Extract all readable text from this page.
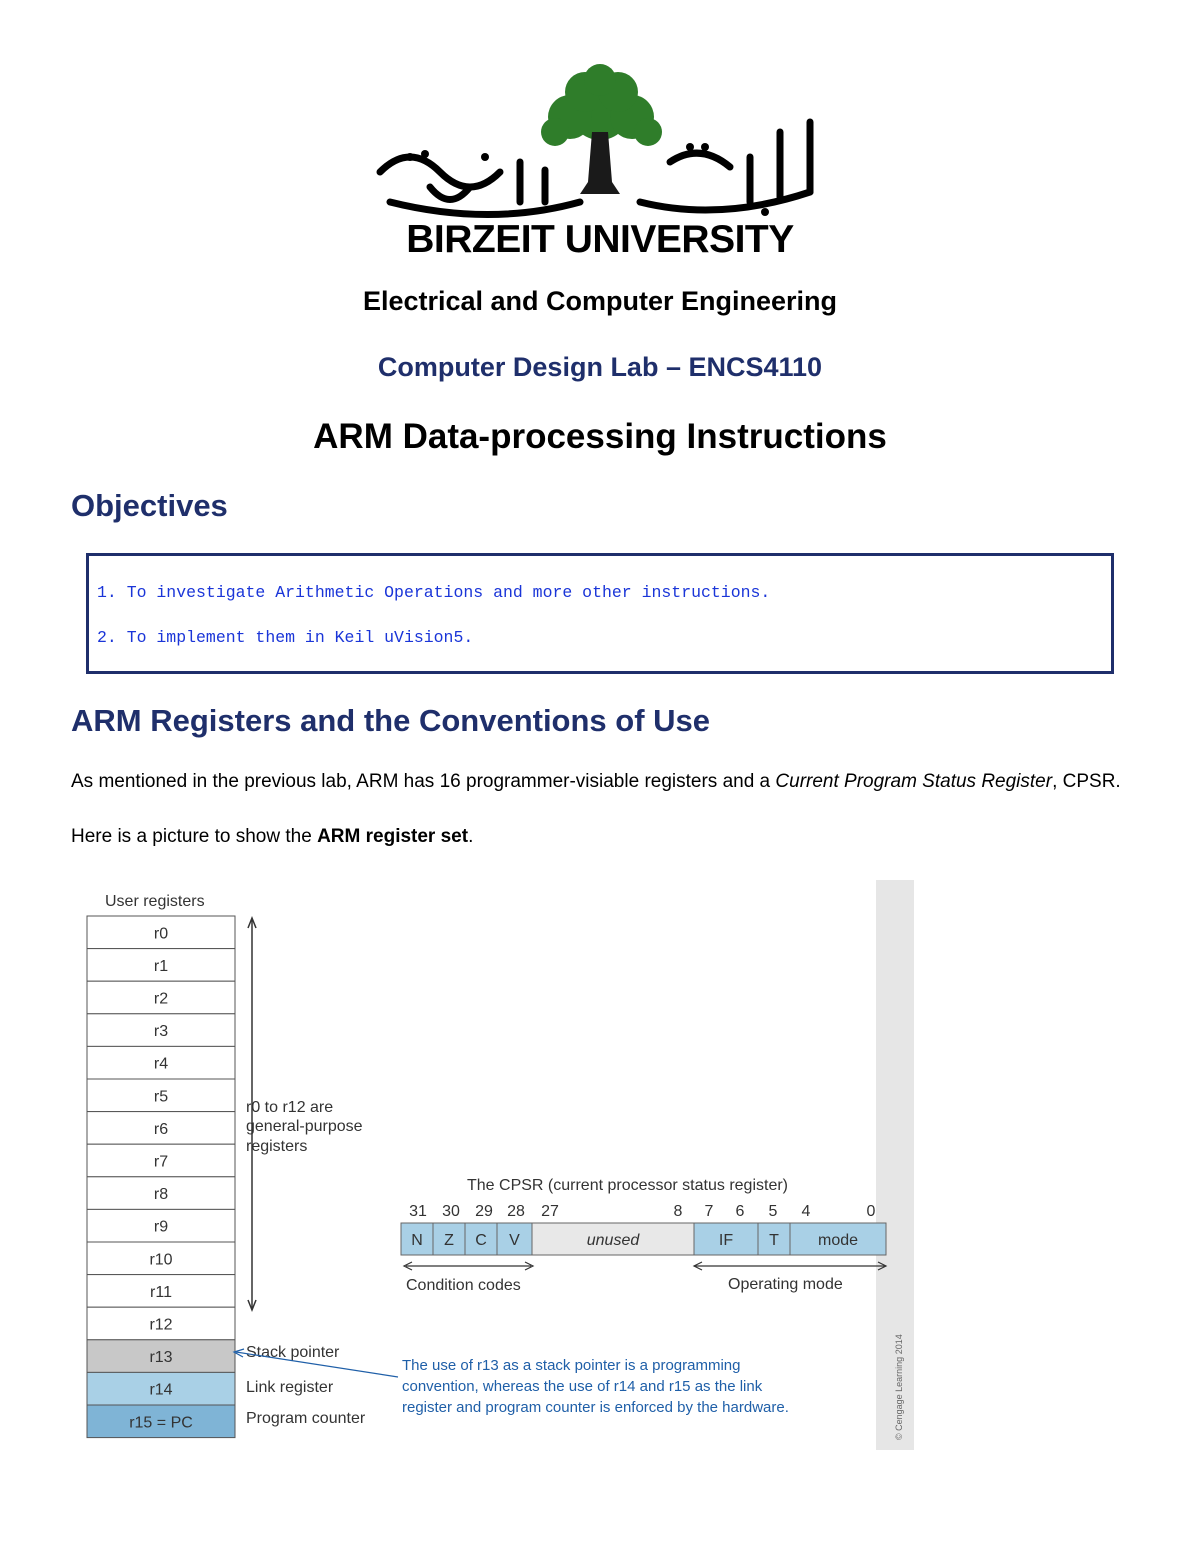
BIRZEIT UNIVERSITY
Electrical and Computer Engineering
Computer Design Lab – ENCS4110
ARM Data-processing Instructions
Objectives
1. To investigate Arithmetic Operations and more other instructions.
2. To implement them in Keil uVision5.
ARM Registers and the Conventions of Use
As mentioned in the previous lab, ARM has 16 programmer-visiable registers and a Current Program Status Register, CPSR.
Here is a picture to show the ARM register set.
User registers
r0
r1
r2
r3
r4
r5
r6
r7
r8
r9
r10
r11
r12
r13
r14
r15 = PC
r0 to r12 are
general-purpose
registers
Stack pointer
Link register
Program counter
The CPSR (current processor status register)
31 30 29 28 27	8 7 6 5 4	0
N Z C V	unused	IF T mode
Condition codes	Operating mode
The use of r13 as a stack pointer is a programming
convention, whereas the use of r14 and r15 as the link
register and program counter is enforced by the hardware.	© Cengage Learning 2014
